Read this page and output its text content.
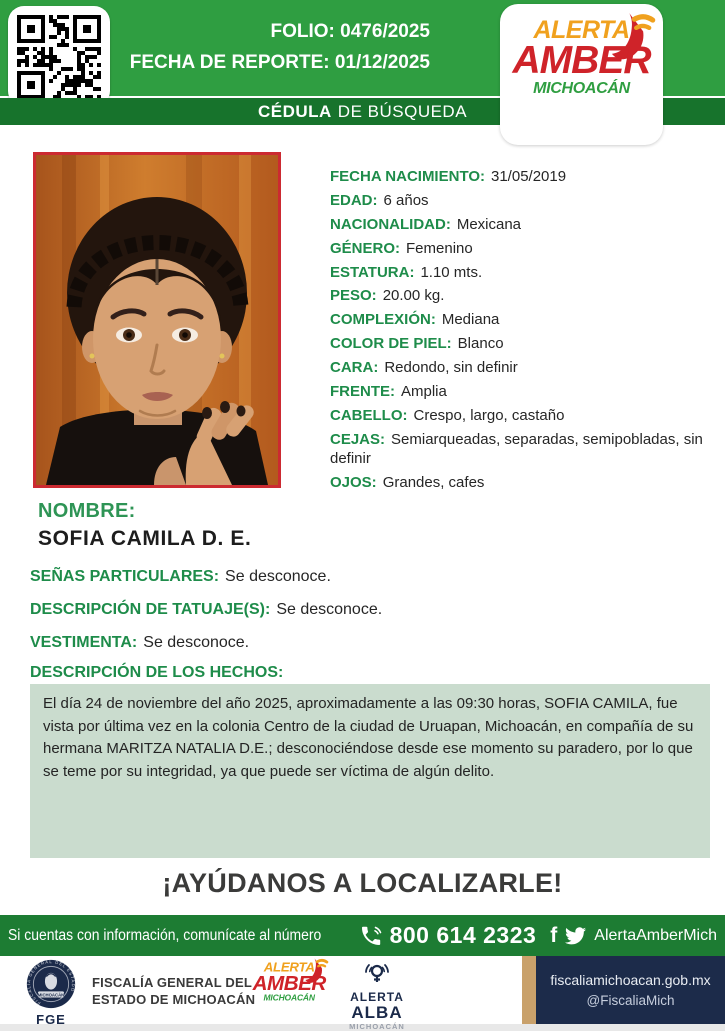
FOLIO: 0476/2025
FECHA DE REPORTE: 01/12/2025
CÉDULA DE BÚSQUEDA
ALERTA
AMBER
MICHOACÁN
FECHA NACIMIENTO: 31/05/2019
EDAD: 6 años
NACIONALIDAD: Mexicana
GÉNERO: Femenino
ESTATURA: 1.10 mts.
PESO: 20.00 kg.
COMPLEXIÓN: Mediana
COLOR DE PIEL: Blanco
CARA: Redondo, sin definir
FRENTE: Amplia
CABELLO: Crespo, largo, castaño
CEJAS: Semiarqueadas, separadas, semipobladas, sin definir
OJOS: Grandes, cafes
NOMBRE:
SOFIA CAMILA D. E.
SEÑAS PARTICULARES: Se desconoce.
DESCRIPCIÓN DE TATUAJE(S): Se desconoce.
VESTIMENTA: Se desconoce.
DESCRIPCIÓN DE LOS HECHOS:
El día 24 de noviembre del año 2025, aproximadamente a las 09:30 horas, SOFIA CAMILA, fue vista por última vez en la colonia Centro de la ciudad de Uruapan, Michoacán, en compañía de su hermana MARITZA NATALIA D.E.; desconociéndose desde ese momento su paradero, por lo que se teme por su integridad, ya que puede ser víctima de algún delito.
¡AYÚDANOS A LOCALIZARLE!
Si cuentas con información, comunícate al número	800 614 2323 f AlertaAmberMich
MICHOACÁN
FISCALÍA GENERAL DEL ESTADO
FGE
FISCALÍA GENERAL DEL
ESTADO DE MICHOACÁN
ALERTA
AMBER
MICHOACÁN	ALERTA
ALBA
MICHOACÁN
fiscaliamichoacan.gob.mx
@FiscaliaMich
